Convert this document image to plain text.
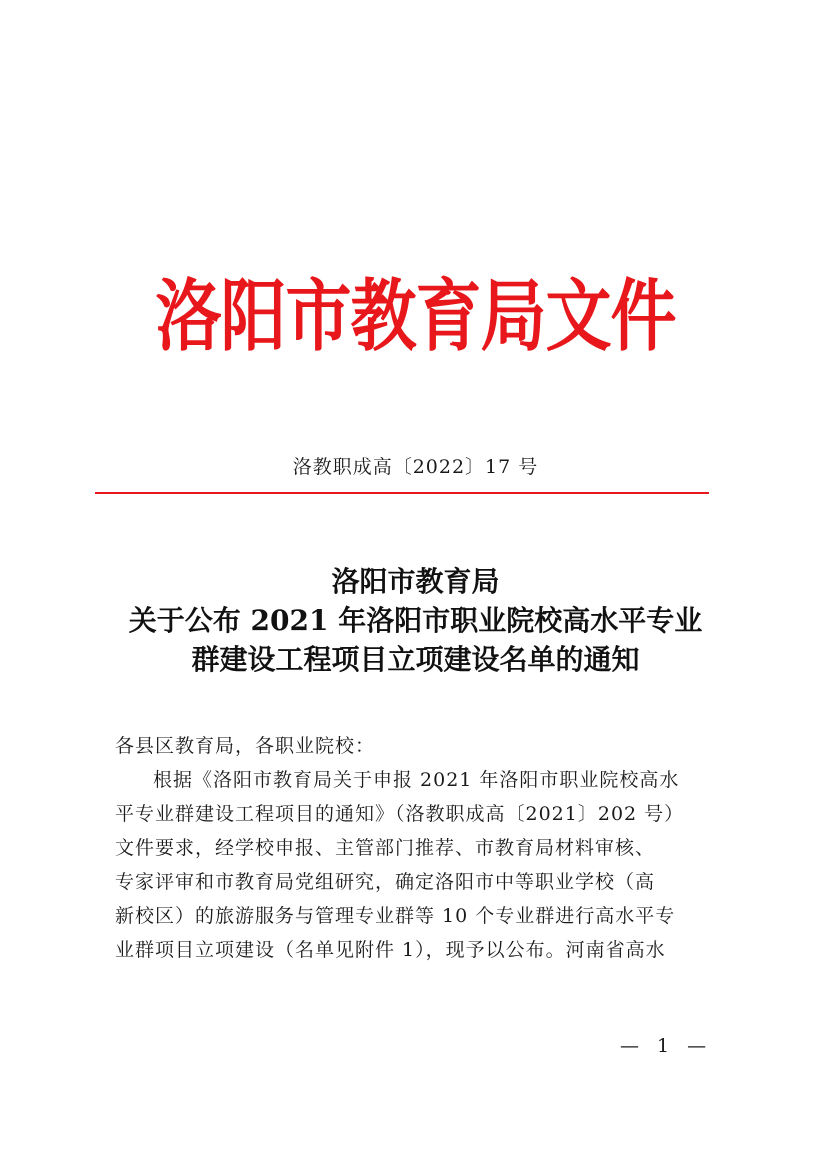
洛阳市教育局文件
洛教职成高〔2022〕17 号
洛阳市教育局
关于公布 2021 年洛阳市职业院校高水平专业
群建设工程项目立项建设名单的通知
各县区教育局，各职业院校：
根据《洛阳市教育局关于申报 2021 年洛阳市职业院校高水
平专业群建设工程项目的通知》（洛教职成高〔2021〕202 号）
文件要求，经学校申报、主管部门推荐、市教育局材料审核、
专家评审和市教育局党组研究，确定洛阳市中等职业学校（高
新校区）的旅游服务与管理专业群等 10 个专业群进行高水平专
业群项目立项建设（名单见附件 1），现予以公布。河南省高水
— 1 —
